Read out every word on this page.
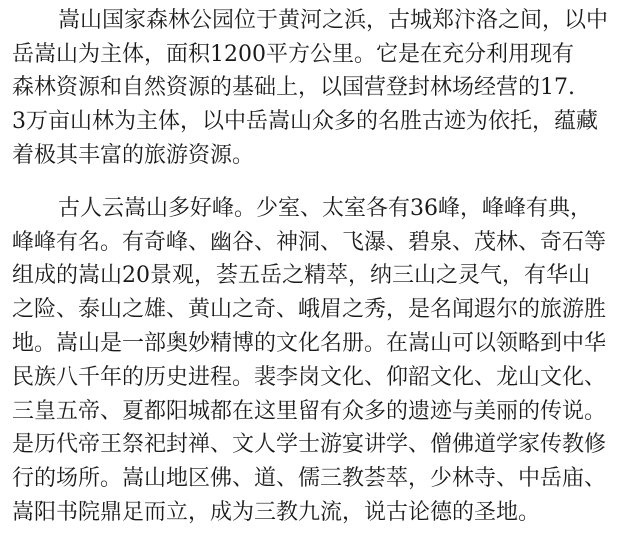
嵩山国家森林公园位于黄河之浜，古城郑汴洛之间，以中
岳嵩山为主体，面积1200平方公里。它是在充分利用现有
森林资源和自然资源的基础上，以国营登封林场经营的17.
3万亩山林为主体，以中岳嵩山众多的名胜古迹为依托，蕴藏
着极其丰富的旅游资源。
古人云嵩山多好峰。少室、太室各有36峰，峰峰有典，
峰峰有名。有奇峰、幽谷、神洞、飞瀑、碧泉、茂林、奇石等
组成的嵩山20景观，荟五岳之精萃，纳三山之灵气，有华山
之险、泰山之雄、黄山之奇、峨眉之秀，是名闻遐尔的旅游胜
地。嵩山是一部奥妙精博的文化名册。在嵩山可以领略到中华
民族八千年的历史进程。裴李岗文化、仰韶文化、龙山文化、
三皇五帝、夏都阳城都在这里留有众多的遗迹与美丽的传说。
是历代帝王祭祀封禅、文人学士游宴讲学、僧佛道学家传教修
行的场所。嵩山地区佛、道、儒三教荟萃，少林寺、中岳庙、
嵩阳书院鼎足而立，成为三教九流，说古论德的圣地。
